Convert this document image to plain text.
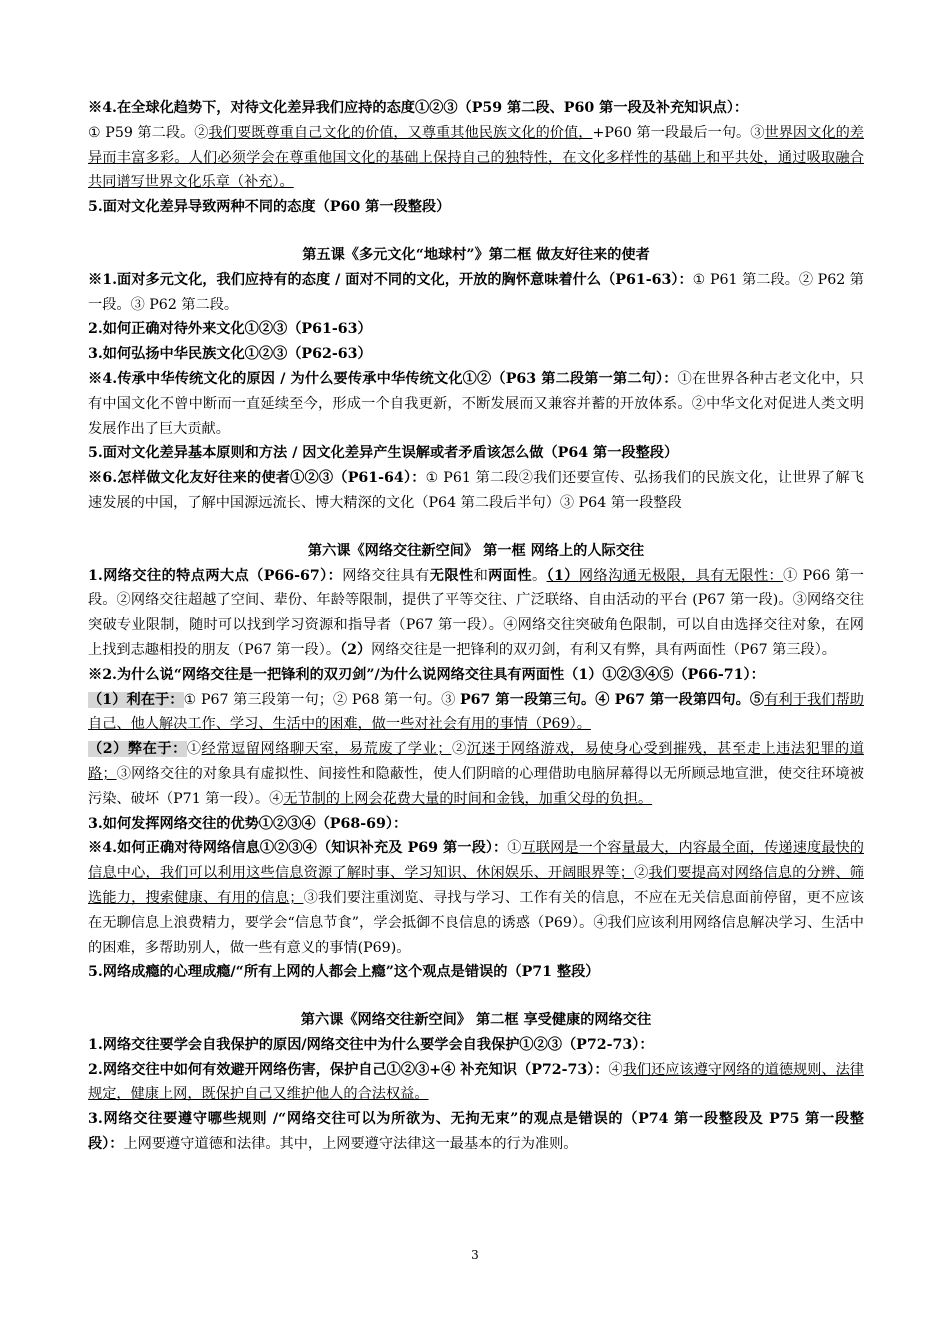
※4.在全球化趋势下，对待文化差异我们应持的态度①②③（P59 第二段、P60 第一段及补充知识点）：

① P59 第二段。②我们要既尊重自己文化的价值，又尊重其他民族文化的价值，+P60 第一段最后一句。③世界因文化的差异而丰富多彩。人们必须学会在尊重他国文化的基础上保持自己的独特性，在文化多样性的基础上和平共处，通过吸取融合共同谱写世界文化乐章（补充）。

5.面对文化差异导致两种不同的态度（P60 第一段整段）

第五课《多元文化“地球村”》第二框 做友好往来的使者

※1.面对多元文化，我们应持有的态度 / 面对不同的文化，开放的胸怀意味着什么（P61-63）：① P61 第二段。② P62 第一段。③ P62 第二段。

2.如何正确对待外来文化①②③（P61-63）

3.如何弘扬中华民族文化①②③（P62-63）

※4.传承中华传统文化的原因 / 为什么要传承中华传统文化①②（P63 第二段第一第二句）：①在世界各种古老文化中，只有中国文化不曾中断而一直延续至今，形成一个自我更新，不断发展而又兼容并蓄的开放体系。②中华文化对促进人类文明发展作出了巨大贡献。

5.面对文化差异基本原则和方法 / 因文化差异产生误解或者矛盾该怎么做（P64 第一段整段）

※6.怎样做文化友好往来的使者①②③（P61-64）：① P61 第二段②我们还要宣传、弘扬我们的民族文化，让世界了解飞速发展的中国，了解中国源远流长、博大精深的文化（P64 第二段后半句）③ P64 第一段整段

第六课《网络交往新空间》 第一框 网络上的人际交往

1.网络交往的特点两大点（P66-67）：网络交往具有无限性和两面性。（1）网络沟通无极限，具有无限性：① P66 第一段。②网络交往超越了空间、辈份、年龄等限制，提供了平等交往、广泛联络、自由活动的平台 (P67 第一段)。③网络交往突破专业限制，随时可以找到学习资源和指导者（P67 第一段）。④网络交往突破角色限制，可以自由选择交往对象，在网上找到志趣相投的朋友（P67 第一段）。（2）网络交往是一把锋利的双刃剑，有利又有弊，具有两面性（P67 第三段）。

※2.为什么说“网络交往是一把锋利的双刃剑”/为什么说网络交往具有两面性（1）①②③④⑤（P66-71）：

（1）利在于：① P67 第三段第一句；② P68 第一句。③ P67 第一段第三句。④ P67 第一段第四句。⑤有利于我们帮助自己、他人解决工作、学习、生活中的困难，做一些对社会有用的事情（P69）。

（2）弊在于：①经常逗留网络聊天室，易荒废了学业；②沉迷于网络游戏，易使身心受到摧残，甚至走上违法犯罪的道路；③网络交往的对象具有虚拟性、间接性和隐蔽性，使人们阴暗的心理借助电脑屏幕得以无所顾忌地宣泄，使交往环境被污染、破坏（P71 第一段）。④无节制的上网会花费大量的时间和金钱，加重父母的负担。

3.如何发挥网络交往的优势①②③④（P68-69）：

※4.如何正确对待网络信息①②③④（知识补充及 P69 第一段）：①互联网是一个容量最大，内容最全面，传递速度最快的信息中心，我们可以利用这些信息资源了解时事、学习知识、休闲娱乐、开阔眼界等；②我们要提高对网络信息的分辨、筛选能力，搜索健康、有用的信息；③我们要注重浏览、寻找与学习、工作有关的信息，不应在无关信息面前停留，更不应该在无聊信息上浪费精力，要学会“信息节食”，学会抵御不良信息的诱惑（P69）。④我们应该利用网络信息解决学习、生活中的困难，多帮助别人，做一些有意义的事情(P69)。

5.网络成瘾的心理成瘾/“所有上网的人都会上瘾”这个观点是错误的（P71 整段）

第六课《网络交往新空间》 第二框 享受健康的网络交往

1.网络交往要学会自我保护的原因/网络交往中为什么要学会自我保护①②③（P72-73）：

2.网络交往中如何有效避开网络伤害，保护自己①②③+④ 补充知识（P72-73）：④我们还应该遵守网络的道德规则、法律规定，健康上网，既保护自己又维护他人的合法权益。

3.网络交往要遵守哪些规则 /“网络交往可以为所欲为、无拘无束”的观点是错误的（P74 第一段整段及 P75 第一段整段）：上网要遵守道德和法律。其中，上网要遵守法律这一最基本的行为准则。

3
